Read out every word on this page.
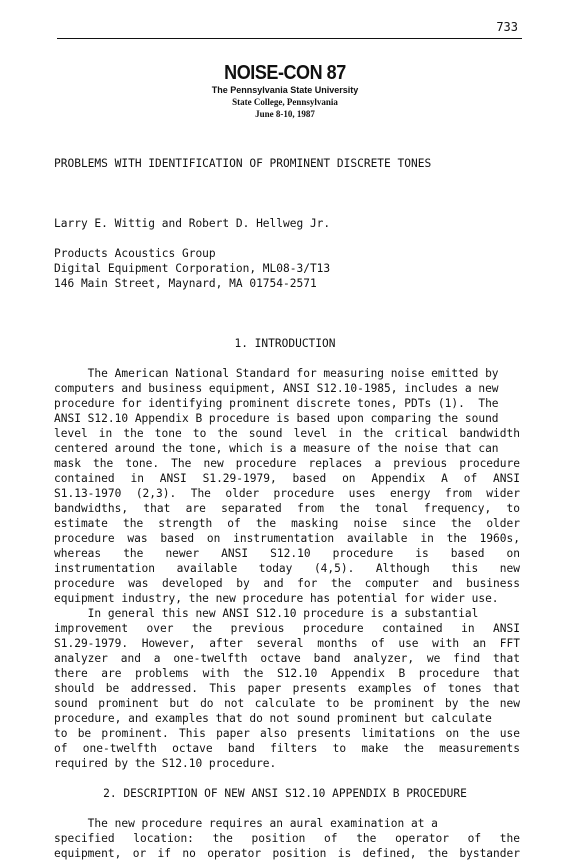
733
NOISE-CON 87
The Pennsylvania State University
State College, Pennsylvania
June 8-10, 1987
PROBLEMS WITH IDENTIFICATION OF PROMINENT DISCRETE TONES
Larry E. Wittig and Robert D. Hellweg Jr.
Products Acoustics Group
Digital Equipment Corporation, ML08-3/T13
146 Main Street, Maynard, MA 01754-2571
1. INTRODUCTION
The American National Standard for measuring noise emitted by
computers and business equipment, ANSI S12.10-1985, includes a new
procedure for identifying prominent discrete tones, PDTs (1).  The
ANSI S12.10 Appendix B procedure is based upon comparing the sound
level in the tone to the sound level in the critical bandwidth
centered around the tone, which is a measure of the noise that can
mask the tone. The new procedure replaces a previous procedure
contained in ANSI S1.29-1979, based on Appendix A of ANSI
S1.13-1970 (2,3). The older procedure uses energy from wider
bandwidths, that are separated from the tonal frequency, to
estimate the strength of the masking noise since the older
procedure was based on instrumentation available in the 1960s,
whereas the newer ANSI S12.10 procedure is based on
instrumentation available today (4,5). Although this new
procedure was developed by and for the computer and business
equipment industry, the new procedure has potential for wider use.
In general this new ANSI S12.10 procedure is a substantial
improvement over the previous procedure contained in ANSI
S1.29-1979. However, after several months of use with an FFT
analyzer and a one-twelfth octave band analyzer, we find that
there are problems with the S12.10 Appendix B procedure that
should be addressed. This paper presents examples of tones that
sound prominent but do not calculate to be prominent by the new
procedure, and examples that do not sound prominent but calculate
to be prominent. This paper also presents limitations on the use
of one-twelfth octave band filters to make the measurements
required by the S12.10 procedure.
2. DESCRIPTION OF NEW ANSI S12.10 APPENDIX B PROCEDURE
The new procedure requires an aural examination at a
specified location: the position of the operator of the
equipment, or if no operator position is defined, the bystander
